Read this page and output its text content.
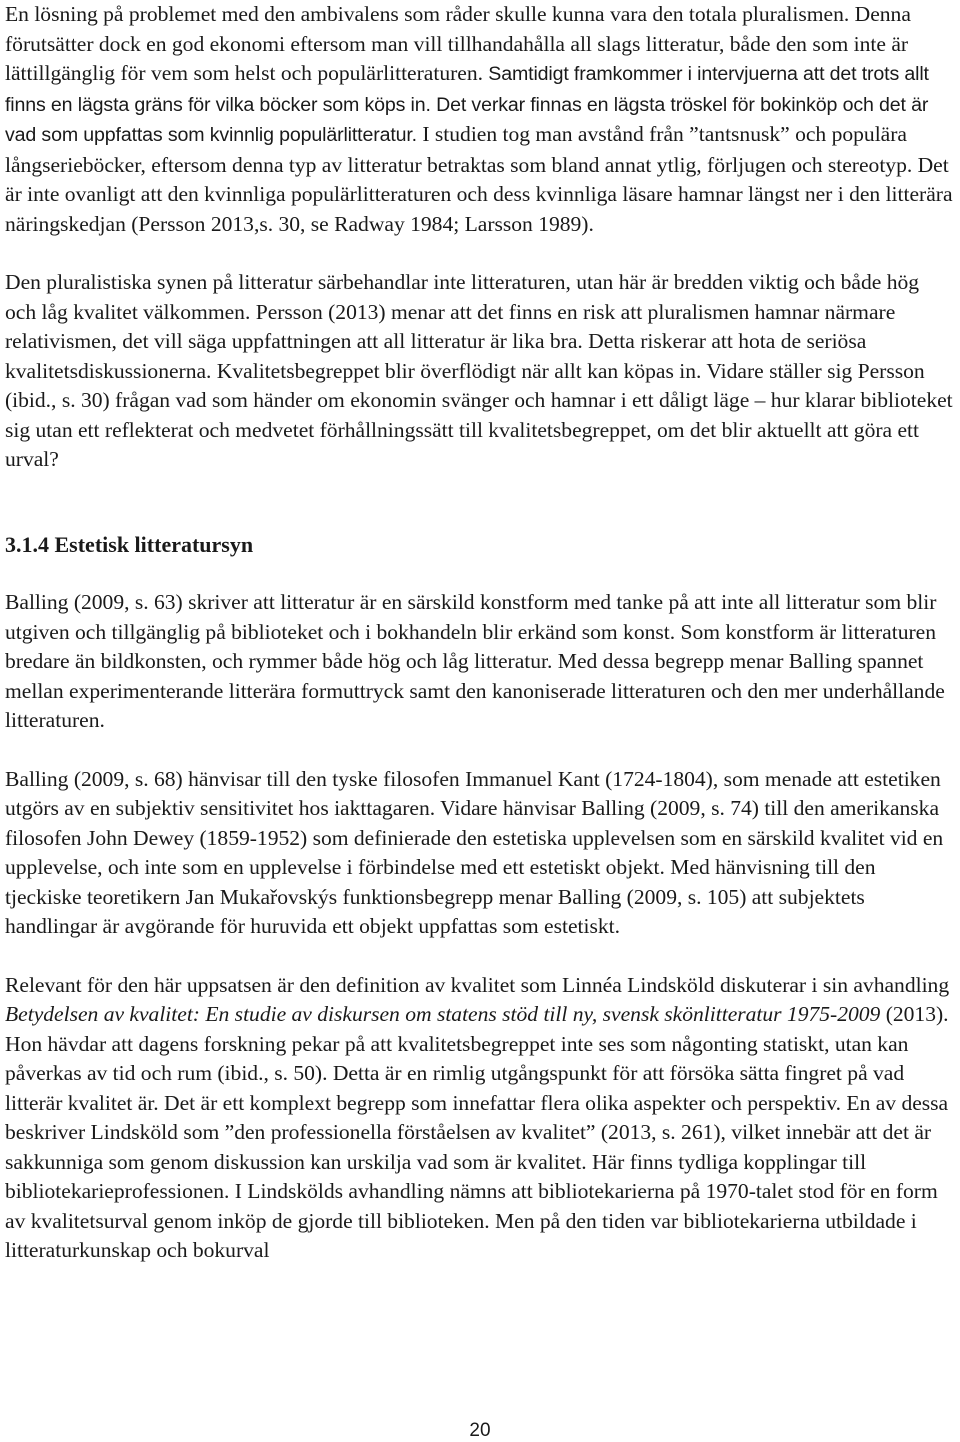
En lösning på problemet med den ambivalens som råder skulle kunna vara den totala pluralismen. Denna förutsätter dock en god ekonomi eftersom man vill tillhandahålla all slags litteratur, både den som inte är lättillgänglig för vem som helst och populärlitteraturen. Samtidigt framkommer i intervjuerna att det trots allt finns en lägsta gräns för vilka böcker som köps in. Det verkar finnas en lägsta tröskel för bokinköp och det är vad som uppfattas som kvinnlig populärlitteratur. I studien tog man avstånd från ”tantsnusk” och populära långseriebӧcker, eftersom denna typ av litteratur betraktas som bland annat ytlig, förljugen och stereotyp. Det är inte ovanligt att den kvinnliga populärlitteraturen och dess kvinnliga läsare hamnar längst ner i den litterära näringskedjan (Persson 2013,s. 30, se Radway 1984; Larsson 1989).

Den pluralistiska synen på litteratur särbehandlar inte litteraturen, utan här är bredden viktig och både hög och låg kvalitet välkommen. Persson (2013) menar att det finns en risk att pluralismen hamnar närmare relativismen, det vill säga uppfattningen att all litteratur är lika bra. Detta riskerar att hota de seriösa kvalitetsdiskussionerna. Kvalitetsbegreppet blir överflödigt när allt kan köpas in. Vidare ställer sig Persson (ibid., s. 30) frågan vad som händer om ekonomin svänger och hamnar i ett dåligt läge – hur klarar biblioteket sig utan ett reflekterat och medvetet förhållningssätt till kvalitetsbegreppet, om det blir aktuellt att göra ett urval?

3.1.4 Estetisk litteratursyn

Balling (2009, s. 63) skriver att litteratur är en särskild konstform med tanke på att inte all litteratur som blir utgiven och tillgänglig på biblioteket och i bokhandeln blir erkänd som konst. Som konstform är litteraturen bredare än bildkonsten, och rymmer både hög och låg litteratur. Med dessa begrepp menar Balling spannet mellan experimenterande litterära formuttryck samt den kanoniserade litteraturen och den mer underhållande litteraturen.

Balling (2009, s. 68) hänvisar till den tyske filosofen Immanuel Kant (1724-1804), som menade att estetiken utgörs av en subjektiv sensitivitet hos iakttagaren. Vidare hänvisar Balling (2009, s. 74) till den amerikanska filosofen John Dewey (1859-1952) som definierade den estetiska upplevelsen som en särskild kvalitet vid en upplevelse, och inte som en upplevelse i förbindelse med ett estetiskt objekt. Med hänvisning till den tjeckiske teoretikern Jan Mukařovskýs funktionsbegrepp menar Balling (2009, s. 105) att subjektets handlingar är avgörande för huruvida ett objekt uppfattas som estetiskt.

Relevant för den här uppsatsen är den definition av kvalitet som Linnéa Lindsköld diskuterar i sin avhandling Betydelsen av kvalitet: En studie av diskursen om statens stöd till ny, svensk skönlitteratur 1975-2009 (2013). Hon hävdar att dagens forskning pekar på att kvalitetsbegreppet inte ses som någonting statiskt, utan kan påverkas av tid och rum (ibid., s. 50). Detta är en rimlig utgångspunkt för att försöka sätta fingret på vad litterär kvalitet är. Det är ett komplext begrepp som innefattar flera olika aspekter och perspektiv. En av dessa beskriver Lindsköld som ”den professionella förståelsen av kvalitet” (2013, s. 261), vilket innebär att det är sakkunniga som genom diskussion kan urskilja vad som är kvalitet. Här finns tydliga kopplingar till bibliotekarieprofessionen. I Lindskölds avhandling nämns att bibliotekarierna på 1970-talet stod för en form av kvalitetsurval genom inköp de gjorde till biblioteken. Men på den tiden var bibliotekarierna utbildade i litteraturkunskap och bokurval

20
